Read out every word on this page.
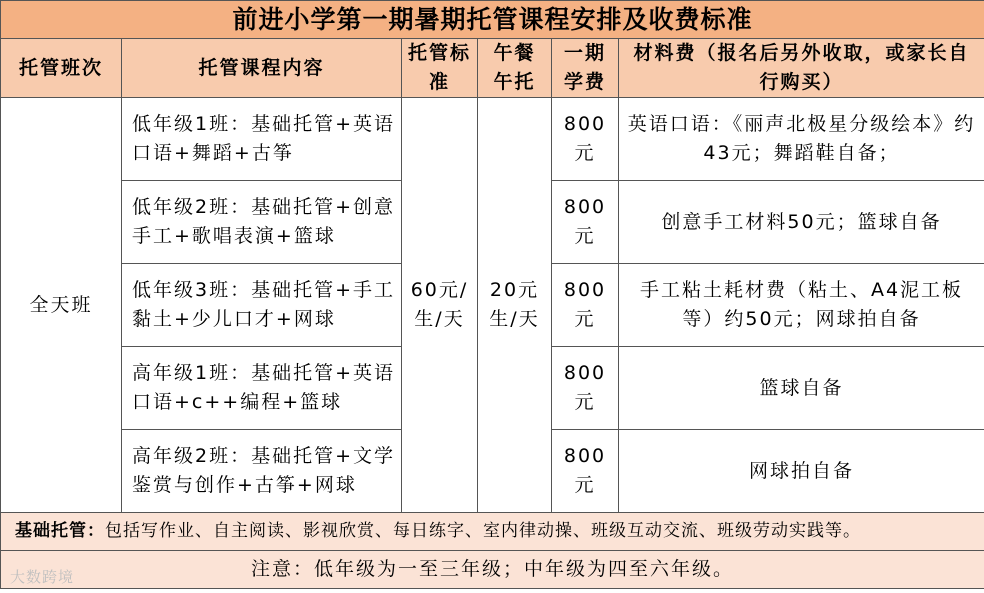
前进小学第一期暑期托管课程安排及收费标准					
托管班次	托管课程内容	托管标准	午餐午托	一期学费	材料费（报名后另外收取，或家长自行购买）
全天班	低年级1班：基础托管+英语口语+舞蹈+古筝	60元/生/天	20元生/天	800元	英语口语：《丽声北极星分级绘本》约43元；舞蹈鞋自备；
	低年级2班：基础托管+创意手工+歌唱表演+篮球			800元	创意手工材料50元；篮球自备
	低年级3班：基础托管+手工黏土+少儿口才+网球			800元	手工粘土耗材费（粘土、A4泥工板等）约50元；网球拍自备
	高年级1班：基础托管+英语口语+c++编程+篮球			800元	篮球自备
	高年级2班：基础托管+文学鉴赏与创作+古筝+网球			800元	网球拍自备
基础托管：包括写作业、自主阅读、影视欣赏、每日练字、室内律动操、班级互动交流、班级劳动实践等。					
注意：低年级为一至三年级；中年级为四至六年级。					
大数跨境
